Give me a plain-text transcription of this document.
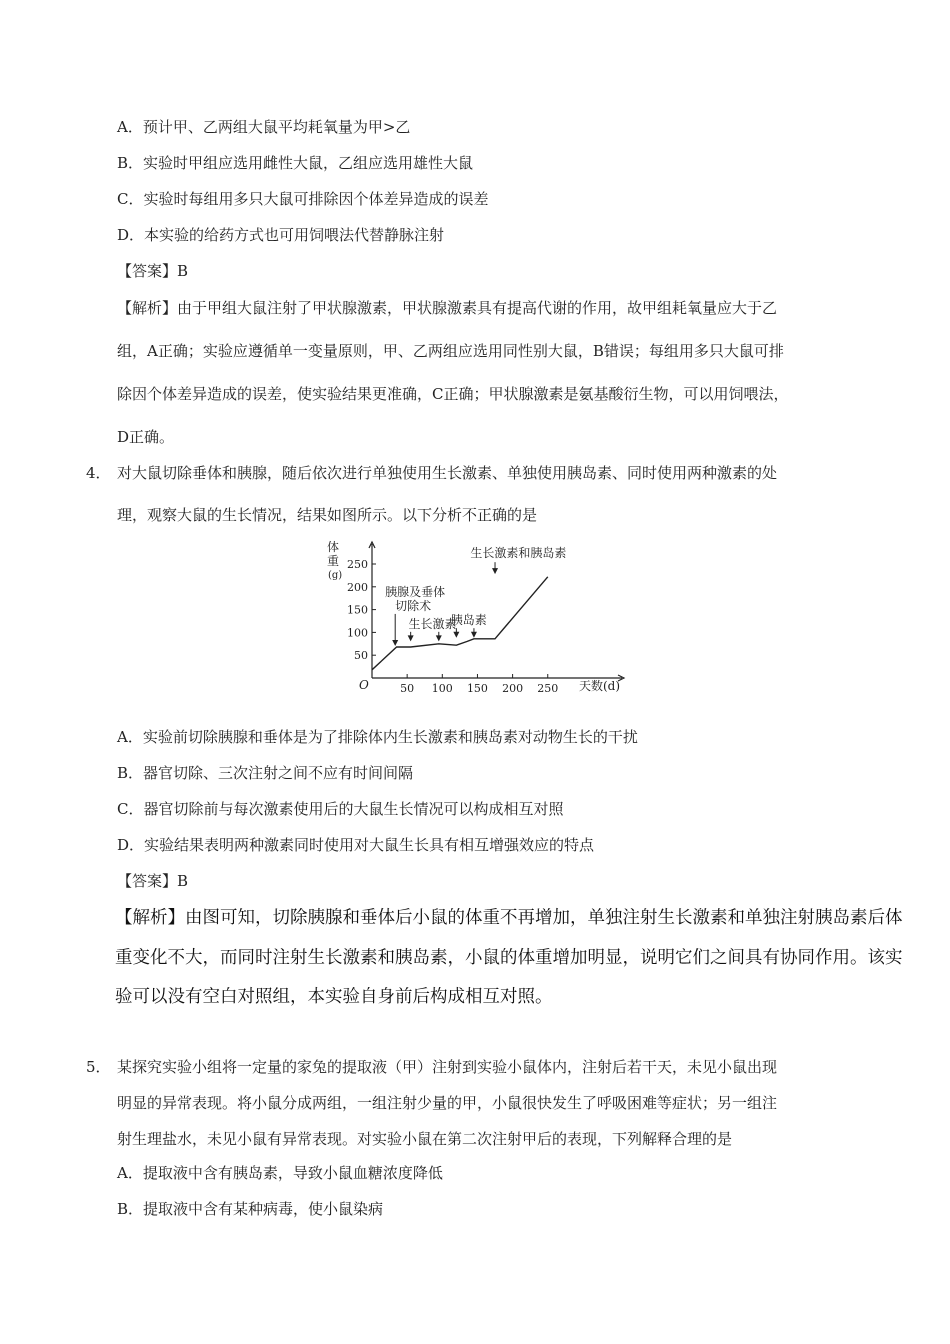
A．预计甲、乙两组大鼠平均耗氧量为甲>乙
B．实验时甲组应选用雌性大鼠，乙组应选用雄性大鼠
C．实验时每组用多只大鼠可排除因个体差异造成的误差
D．本实验的给药方式也可用饲喂法代替静脉注射
【答案】B
【解析】由于甲组大鼠注射了甲状腺激素，甲状腺激素具有提高代谢的作用，故甲组耗氧量应大于乙
组，A正确；实验应遵循单一变量原则，甲、乙两组应选用同性别大鼠，B错误；每组用多只大鼠可排
除因个体差异造成的误差，使实验结果更准确，C正确；甲状腺激素是氨基酸衍生物，可以用饲喂法，
D正确。
4． 对大鼠切除垂体和胰腺，随后依次进行单独使用生长激素、单独使用胰岛素、同时使用两种激素的处
理，观察大鼠的生长情况，结果如图所示。以下分析不正确的是
O
体
重
(g)
天数(d)
50
100
150
200
250
50 100 150 200 250
胰腺及垂体
切除术
生长激素
胰岛素
生长激素和胰岛素
A．实验前切除胰腺和垂体是为了排除体内生长激素和胰岛素对动物生长的干扰
B．器官切除、三次注射之间不应有时间间隔
C．器官切除前与每次激素使用后的大鼠生长情况可以构成相互对照
D．实验结果表明两种激素同时使用对大鼠生长具有相互增强效应的特点
【答案】B
【解析】由图可知，切除胰腺和垂体后小鼠的体重不再增加，单独注射生长激素和单独注射胰岛素后体
重变化不大，而同时注射生长激素和胰岛素，小鼠的体重增加明显，说明它们之间具有协同作用。该实
验可以没有空白对照组，本实验自身前后构成相互对照。
5． 某探究实验小组将一定量的家兔的提取液（甲）注射到实验小鼠体内，注射后若干天，未见小鼠出现
明显的异常表现。将小鼠分成两组，一组注射少量的甲，小鼠很快发生了呼吸困难等症状；另一组注
射生理盐水，未见小鼠有异常表现。对实验小鼠在第二次注射甲后的表现，下列解释合理的是
A．提取液中含有胰岛素，导致小鼠血糖浓度降低
B．提取液中含有某种病毒，使小鼠染病
